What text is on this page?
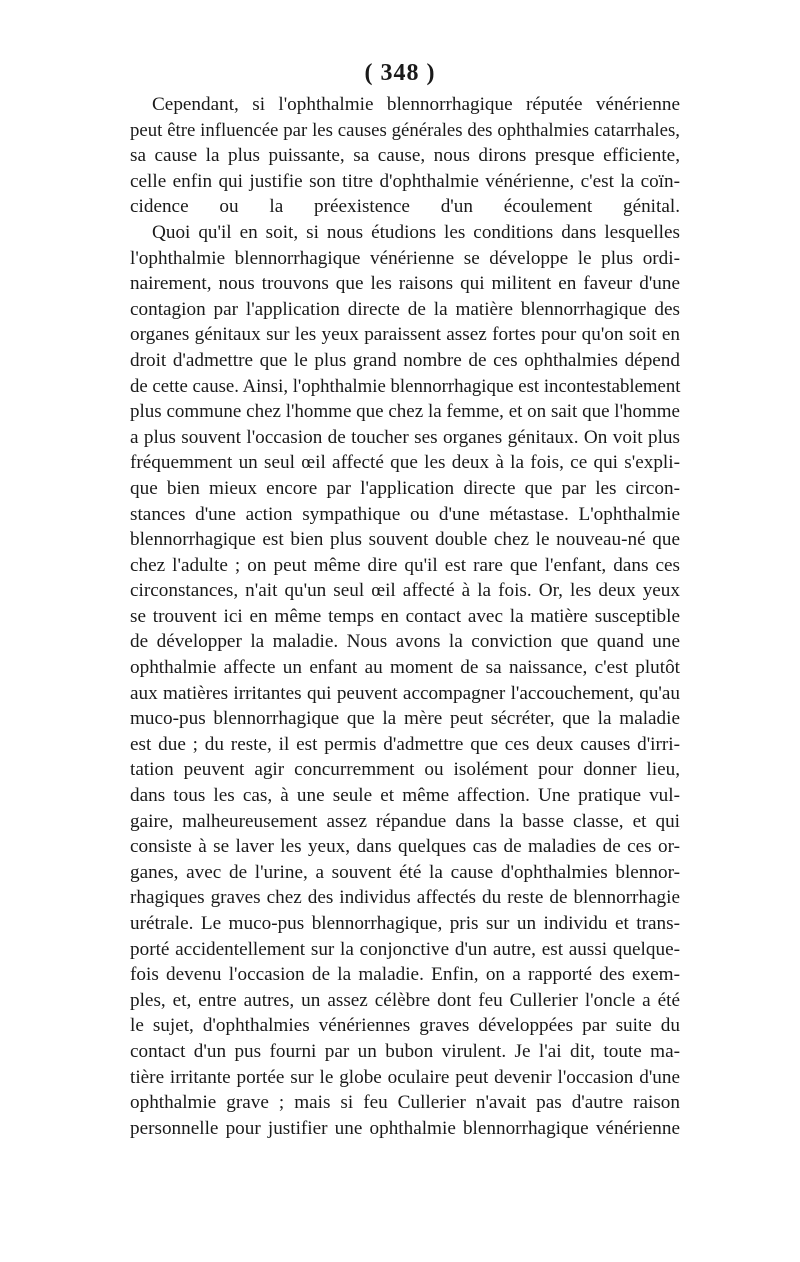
( 348 )
Cependant, si l'ophthalmie blennorrhagique réputée vénérienne
peut être influencée par les causes générales des ophthalmies catarrhales,
sa cause la plus puissante, sa cause, nous dirons presque efficiente,
celle enfin qui justifie son titre d'ophthalmie vénérienne, c'est la coïn-
cidence ou la préexistence d'un écoulement génital.
Quoi qu'il en soit, si nous étudions les conditions dans lesquelles
l'ophthalmie blennorrhagique vénérienne se développe le plus ordi-
nairement, nous trouvons que les raisons qui militent en faveur d'une
contagion par l'application directe de la matière blennorrhagique des
organes génitaux sur les yeux paraissent assez fortes pour qu'on soit en
droit d'admettre que le plus grand nombre de ces ophthalmies dépend
de cette cause. Ainsi, l'ophthalmie blennorrhagique est incontestablement
plus commune chez l'homme que chez la femme, et on sait que l'homme
a plus souvent l'occasion de toucher ses organes génitaux. On voit plus
fréquemment un seul œil affecté que les deux à la fois, ce qui s'expli-
que bien mieux encore par l'application directe que par les circon-
stances d'une action sympathique ou d'une métastase. L'ophthalmie
blennorrhagique est bien plus souvent double chez le nouveau-né que
chez l'adulte ; on peut même dire qu'il est rare que l'enfant, dans ces
circonstances, n'ait qu'un seul œil affecté à la fois. Or, les deux yeux
se trouvent ici en même temps en contact avec la matière susceptible
de développer la maladie. Nous avons la conviction que quand une
ophthalmie affecte un enfant au moment de sa naissance, c'est plutôt
aux matières irritantes qui peuvent accompagner l'accouchement, qu'au
muco-pus blennorrhagique que la mère peut sécréter, que la maladie
est due ; du reste, il est permis d'admettre que ces deux causes d'irri-
tation peuvent agir concurremment ou isolément pour donner lieu,
dans tous les cas, à une seule et même affection. Une pratique vul-
gaire, malheureusement assez répandue dans la basse classe, et qui
consiste à se laver les yeux, dans quelques cas de maladies de ces or-
ganes, avec de l'urine, a souvent été la cause d'ophthalmies blennor-
rhagiques graves chez des individus affectés du reste de blennorrhagie
urétrale. Le muco-pus blennorrhagique, pris sur un individu et trans-
porté accidentellement sur la conjonctive d'un autre, est aussi quelque-
fois devenu l'occasion de la maladie. Enfin, on a rapporté des exem-
ples, et, entre autres, un assez célèbre dont feu Cullerier l'oncle a été
le sujet, d'ophthalmies vénériennes graves développées par suite du
contact d'un pus fourni par un bubon virulent. Je l'ai dit, toute ma-
tière irritante portée sur le globe oculaire peut devenir l'occasion d'une
ophthalmie grave ; mais si feu Cullerier n'avait pas d'autre raison
personnelle pour justifier une ophthalmie blennorrhagique vénérienne
